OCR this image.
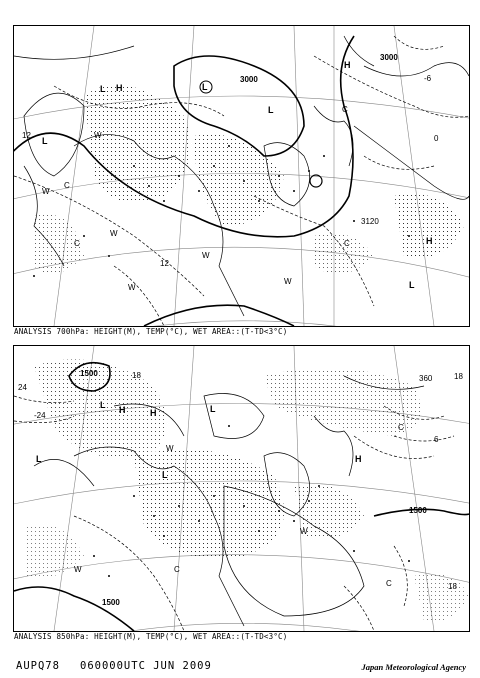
3000
3000
3120
12
12
-6
0
H
H
H
L
L
L
L
L
W
W
W
W
W
W
C
C
C	C
ANALYSIS 700hPa: HEIGHT(M), TEMP(°C), WET AREA::(T-TD<3°C)
1500
1500
1500
24
-24
18	18
6
18
360
H	H
H
L
L
L
L
W
W
W
C
C
C
ANALYSIS 850hPa: HEIGHT(M), TEMP(°C), WET AREA::(T-TD<3°C)
AUPQ78 060000UTC JUN 2009	Japan Meteorological Agency
